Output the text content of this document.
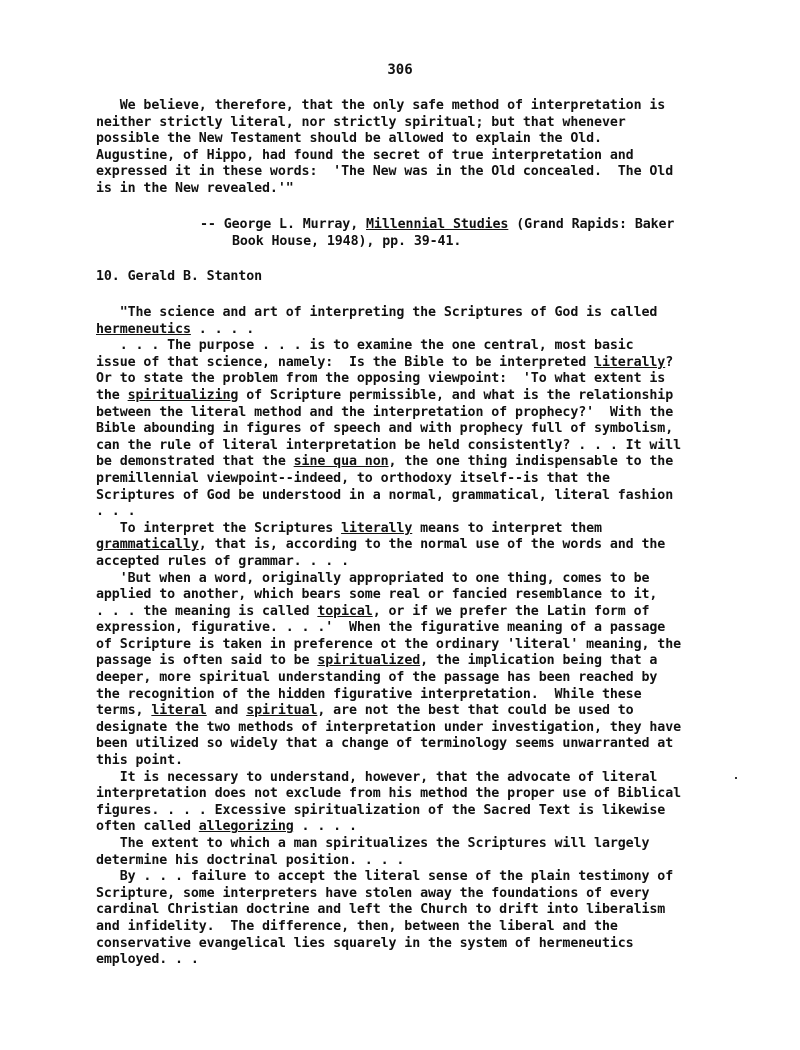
306
We believe, therefore, that the only safe method of interpretation is
neither strictly literal, nor strictly spiritual; but that whenever
possible the New Testament should be allowed to explain the Old.
Augustine, of Hippo, had found the secret of true interpretation and
expressed it in these words:  'The New was in the Old concealed.  The Old
is in the New revealed.'"
-- George L. Murray, Millennial Studies (Grand Rapids: Baker
Book House, 1948), pp. 39-41.
10. Gerald B. Stanton
"The science and art of interpreting the Scriptures of God is called
hermeneutics . . . .
. . . The purpose . . . is to examine the one central, most basic
issue of that science, namely:  Is the Bible to be interpreted literally?
Or to state the problem from the opposing viewpoint:  'To what extent is
the spiritualizing of Scripture permissible, and what is the relationship
between the literal method and the interpretation of prophecy?'  With the
Bible abounding in figures of speech and with prophecy full of symbolism,
can the rule of literal interpretation be held consistently? . . . It will
be demonstrated that the sine qua non, the one thing indispensable to the
premillennial viewpoint--indeed, to orthodoxy itself--is that the
Scriptures of God be understood in a normal, grammatical, literal fashion
. . .
To interpret the Scriptures literally means to interpret them
grammatically, that is, according to the normal use of the words and the
accepted rules of grammar. . . .
'But when a word, originally appropriated to one thing, comes to be
applied to another, which bears some real or fancied resemblance to it,
. . . the meaning is called topical, or if we prefer the Latin form of
expression, figurative. . . .'  When the figurative meaning of a passage
of Scripture is taken in preference ot the ordinary 'literal' meaning, the
passage is often said to be spiritualized, the implication being that a
deeper, more spiritual understanding of the passage has been reached by
the recognition of the hidden figurative interpretation.  While these
terms, literal and spiritual, are not the best that could be used to
designate the two methods of interpretation under investigation, they have
been utilized so widely that a change of terminology seems unwarranted at
this point.
It is necessary to understand, however, that the advocate of literal
interpretation does not exclude from his method the proper use of Biblical
figures. . . . Excessive spiritualization of the Sacred Text is likewise
often called allegorizing . . . .
The extent to which a man spiritualizes the Scriptures will largely
determine his doctrinal position. . . .
By . . . failure to accept the literal sense of the plain testimony of
Scripture, some interpreters have stolen away the foundations of every
cardinal Christian doctrine and left the Church to drift into liberalism
and infidelity.  The difference, then, between the liberal and the
conservative evangelical lies squarely in the system of hermeneutics
employed. . .
